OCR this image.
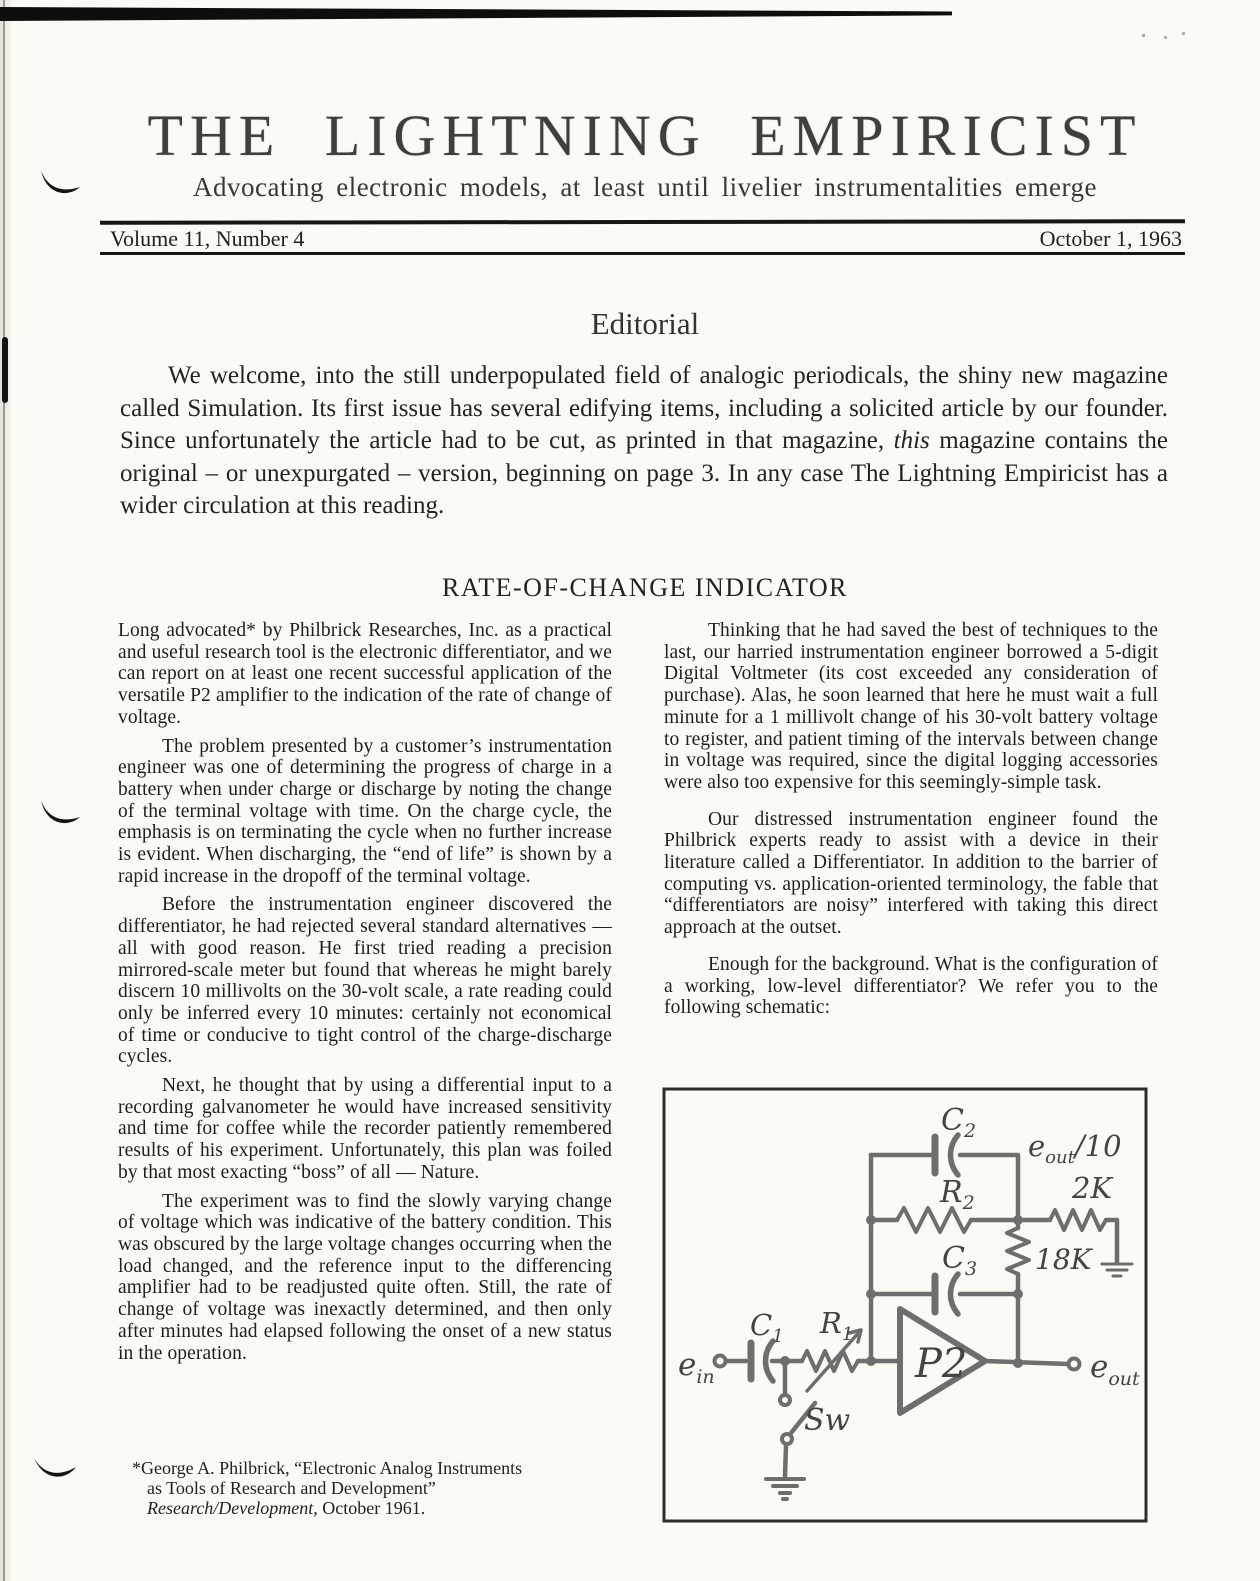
THE LIGHTNING EMPIRICIST
Advocating electronic models, at least until livelier instrumentalities emerge
Volume 11, Number 4	October 1, 1963
Editorial
We welcome, into the still underpopulated field of analogic periodicals, the shiny new magazine called Simulation. Its first issue has several edifying items, including a solicited article by our founder. Since unfortunately the article had to be cut, as printed in that magazine, this magazine contains the original – or unexpurgated – version, beginning on page 3. In any case The Lightning Empiricist has a wider circulation at this reading.
RATE-OF-CHANGE INDICATOR

Long advocated* by Philbrick Researches, Inc. as a practical and useful research tool is the electronic differentiator, and we can report on at least one recent successful application of the versatile P2 amplifier to the indication of the rate of change of voltage.

The problem presented by a customer’s instrumentation engineer was one of determining the progress of charge in a battery when under charge or discharge by noting the change of the terminal voltage with time. On the charge cycle, the emphasis is on terminating the cycle when no further increase is evident. When discharging, the “end of life” is shown by a rapid increase in the dropoff of the terminal voltage.

Before the instrumentation engineer discovered the differentiator, he had rejected several standard alternatives — all with good reason. He first tried reading a precision mirrored-scale meter but found that whereas he might barely discern 10 millivolts on the 30-volt scale, a rate reading could only be inferred every 10 minutes: certainly not economical of time or conducive to tight control of the charge-discharge cycles.

Next, he thought that by using a differential input to a recording galvanometer he would have increased sensitivity and time for coffee while the recorder patiently remembered results of his experiment. Unfortunately, this plan was foiled by that most exacting “boss” of all — Nature.

The experiment was to find the slowly varying change of voltage which was indicative of the battery condition. This was obscured by the large voltage changes occurring when the load changed, and the reference input to the differencing amplifier had to be readjusted quite often. Still, the rate of change of voltage was inexactly determined, and then only after minutes had elapsed following the onset of a new status in the operation.

Thinking that he had saved the best of techniques to the last, our harried instrumentation engineer borrowed a 5-digit Digital Voltmeter (its cost exceeded any consideration of purchase). Alas, he soon learned that here he must wait a full minute for a 1 millivolt change of his 30-volt battery voltage to register, and patient timing of the intervals between change in voltage was required, since the digital logging accessories were also too expensive for this seemingly-simple task.

Our distressed instrumentation engineer found the Philbrick experts ready to assist with a device in their literature called a Differentiator. In addition to the barrier of computing vs. application-oriented terminology, the fable that “differentiators are noisy” interfered with taking this direct approach at the outset.

Enough for the background. What is the configuration of a working, low-level differentiator? We refer you to the following schematic:

*George A. Philbrick, “Electronic Analog Instruments
as Tools of Research and Development”
Research/Development, October 1961.
$C_2$ $e_{out}/10$
$R_2$	2K
18K
$C_3$
$C_1$ $R_1$
P2
Sw
$e_{in}$	$e_{out}$
